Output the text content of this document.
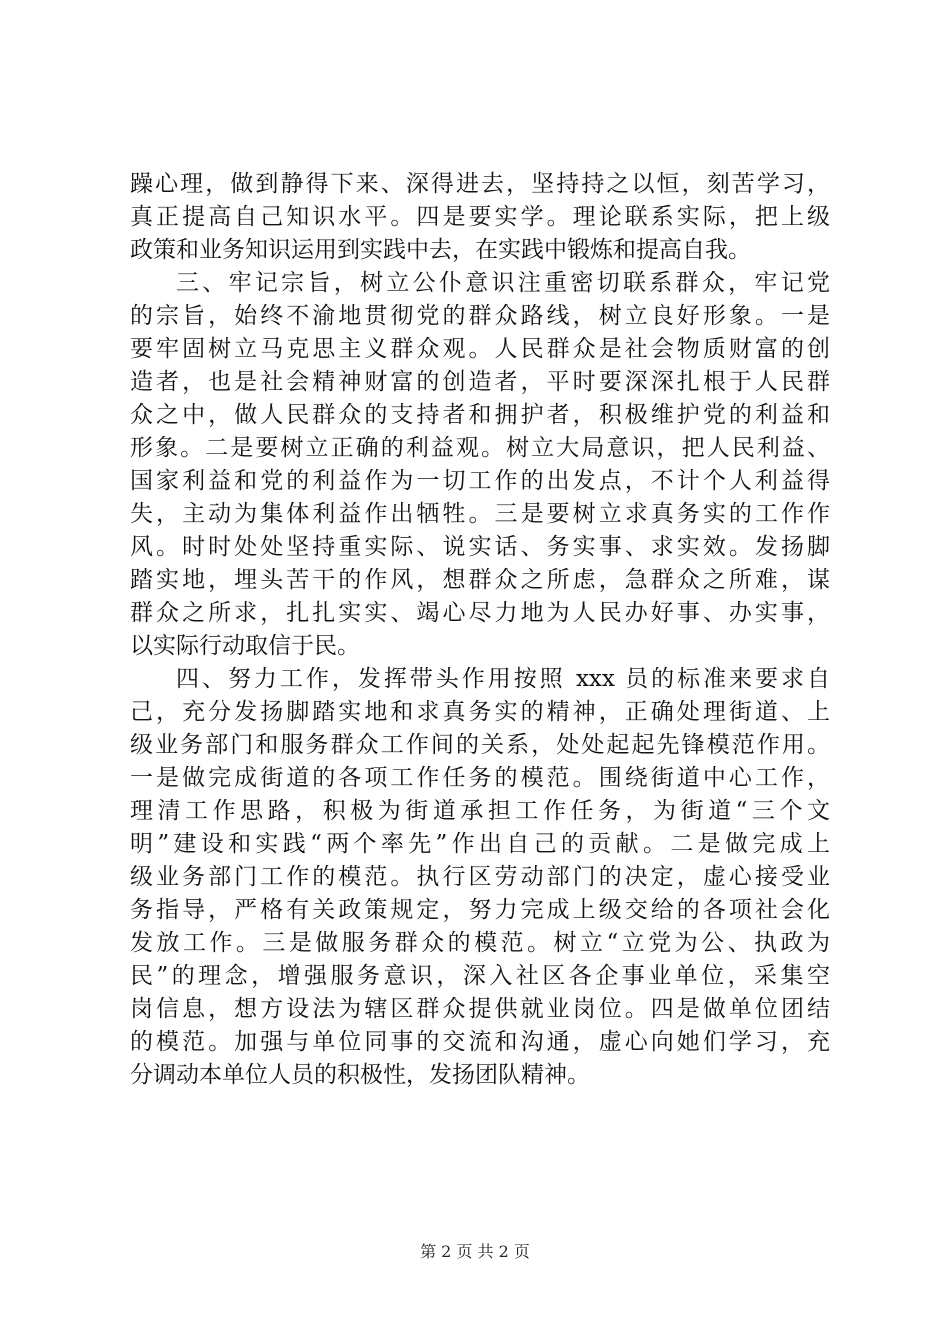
躁心理，做到静得下来、深得进去，坚持持之以恒，刻苦学习，
真正提高自己知识水平。四是要实学。理论联系实际，把上级
政策和业务知识运用到实践中去，在实践中锻炼和提高自我。
三、牢记宗旨，树立公仆意识注重密切联系群众，牢记党
的宗旨，始终不渝地贯彻党的群众路线，树立良好形象。一是
要牢固树立马克思主义群众观。人民群众是社会物质财富的创
造者，也是社会精神财富的创造者，平时要深深扎根于人民群
众之中，做人民群众的支持者和拥护者，积极维护党的利益和
形象。二是要树立正确的利益观。树立大局意识，把人民利益、
国家利益和党的利益作为一切工作的出发点，不计个人利益得
失，主动为集体利益作出牺牲。三是要树立求真务实的工作作
风。时时处处坚持重实际、说实话、务实事、求实效。发扬脚
踏实地，埋头苦干的作风，想群众之所虑，急群众之所难，谋
群众之所求，扎扎实实、竭心尽力地为人民办好事、办实事，
以实际行动取信于民。
四、努力工作，发挥带头作用按照 xxx 员的标准来要求自
己，充分发扬脚踏实地和求真务实的精神，正确处理街道、上
级业务部门和服务群众工作间的关系，处处起起先锋模范作用。
一是做完成街道的各项工作任务的模范。围绕街道中心工作，
理清工作思路，积极为街道承担工作任务，为街道“三个文
明”建设和实践“两个率先”作出自己的贡献。二是做完成上
级业务部门工作的模范。执行区劳动部门的决定，虚心接受业
务指导，严格有关政策规定，努力完成上级交给的各项社会化
发放工作。三是做服务群众的模范。树立“立党为公、执政为
民”的理念，增强服务意识，深入社区各企事业单位，采集空
岗信息，想方设法为辖区群众提供就业岗位。四是做单位团结
的模范。加强与单位同事的交流和沟通，虚心向她们学习，充
分调动本单位人员的积极性，发扬团队精神。
第 2 页 共 2 页
